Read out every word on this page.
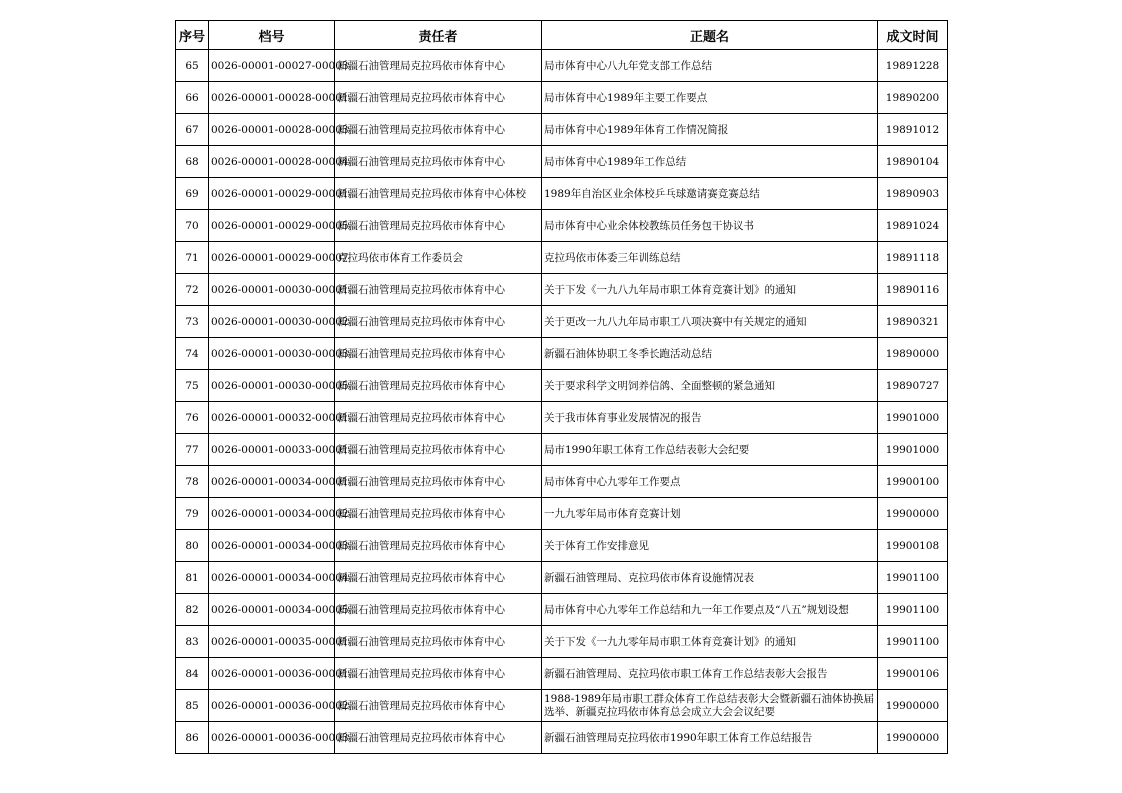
序号	档号	责任者	正题名	成文时间
65	0026-00001-00027-00003	新疆石油管理局克拉玛依市体育中心	局市体育中心八九年党支部工作总结	19891228
66	0026-00001-00028-00001	新疆石油管理局克拉玛依市体育中心	局市体育中心1989年主要工作要点	19890200
67	0026-00001-00028-00003	新疆石油管理局克拉玛依市体育中心	局市体育中心1989年体育工作情况简报	19891012
68	0026-00001-00028-00004	新疆石油管理局克拉玛依市体育中心	局市体育中心1989年工作总结	19890104
69	0026-00001-00029-00001	新疆石油管理局克拉玛依市体育中心体校	1989年自治区业余体校乒乓球邀请赛竞赛总结	19890903
70	0026-00001-00029-00005	新疆石油管理局克拉玛依市体育中心	局市体育中心业余体校教练员任务包干协议书	19891024
71	0026-00001-00029-00007	克拉玛依市体育工作委员会	克拉玛依市体委三年训练总结	19891118
72	0026-00001-00030-00001	新疆石油管理局克拉玛依市体育中心	关于下发《一九八九年局市职工体育竞赛计划》的通知	19890116
73	0026-00001-00030-00002	新疆石油管理局克拉玛依市体育中心	关于更改一九八九年局市职工八项决赛中有关规定的通知	19890321
74	0026-00001-00030-00003	新疆石油管理局克拉玛依市体育中心	新疆石油体协职工冬季长跑活动总结	19890000
75	0026-00001-00030-00005	新疆石油管理局克拉玛依市体育中心	关于要求科学文明饲养信鸽、全面整顿的紧急通知	19890727
76	0026-00001-00032-00001	新疆石油管理局克拉玛依市体育中心	关于我市体育事业发展情况的报告	19901000
77	0026-00001-00033-00001	新疆石油管理局克拉玛依市体育中心	局市1990年职工体育工作总结表彰大会纪要	19901000
78	0026-00001-00034-00001	新疆石油管理局克拉玛依市体育中心	局市体育中心九零年工作要点	19900100
79	0026-00001-00034-00002	新疆石油管理局克拉玛依市体育中心	一九九零年局市体育竞赛计划	19900000
80	0026-00001-00034-00003	新疆石油管理局克拉玛依市体育中心	关于体育工作安排意见	19900108
81	0026-00001-00034-00004	新疆石油管理局克拉玛依市体育中心	新疆石油管理局、克拉玛依市体育设施情况表	19901100
82	0026-00001-00034-00005	新疆石油管理局克拉玛依市体育中心	局市体育中心九零年工作总结和九一年工作要点及“八五”规划设想	19901100
83	0026-00001-00035-00001	新疆石油管理局克拉玛依市体育中心	关于下发《一九九零年局市职工体育竞赛计划》的通知	19901100
84	0026-00001-00036-00001	新疆石油管理局克拉玛依市体育中心	新疆石油管理局、克拉玛依市职工体育工作总结表彰大会报告	19900106
85	0026-00001-00036-00002	新疆石油管理局克拉玛依市体育中心	1988-1989年局市职工群众体育工作总结表彰大会暨新疆石油体协换届选举、新疆克拉玛依市体育总会成立大会会议纪要	19900000
86	0026-00001-00036-00003	新疆石油管理局克拉玛依市体育中心	新疆石油管理局克拉玛依市1990年职工体育工作总结报告	19900000
